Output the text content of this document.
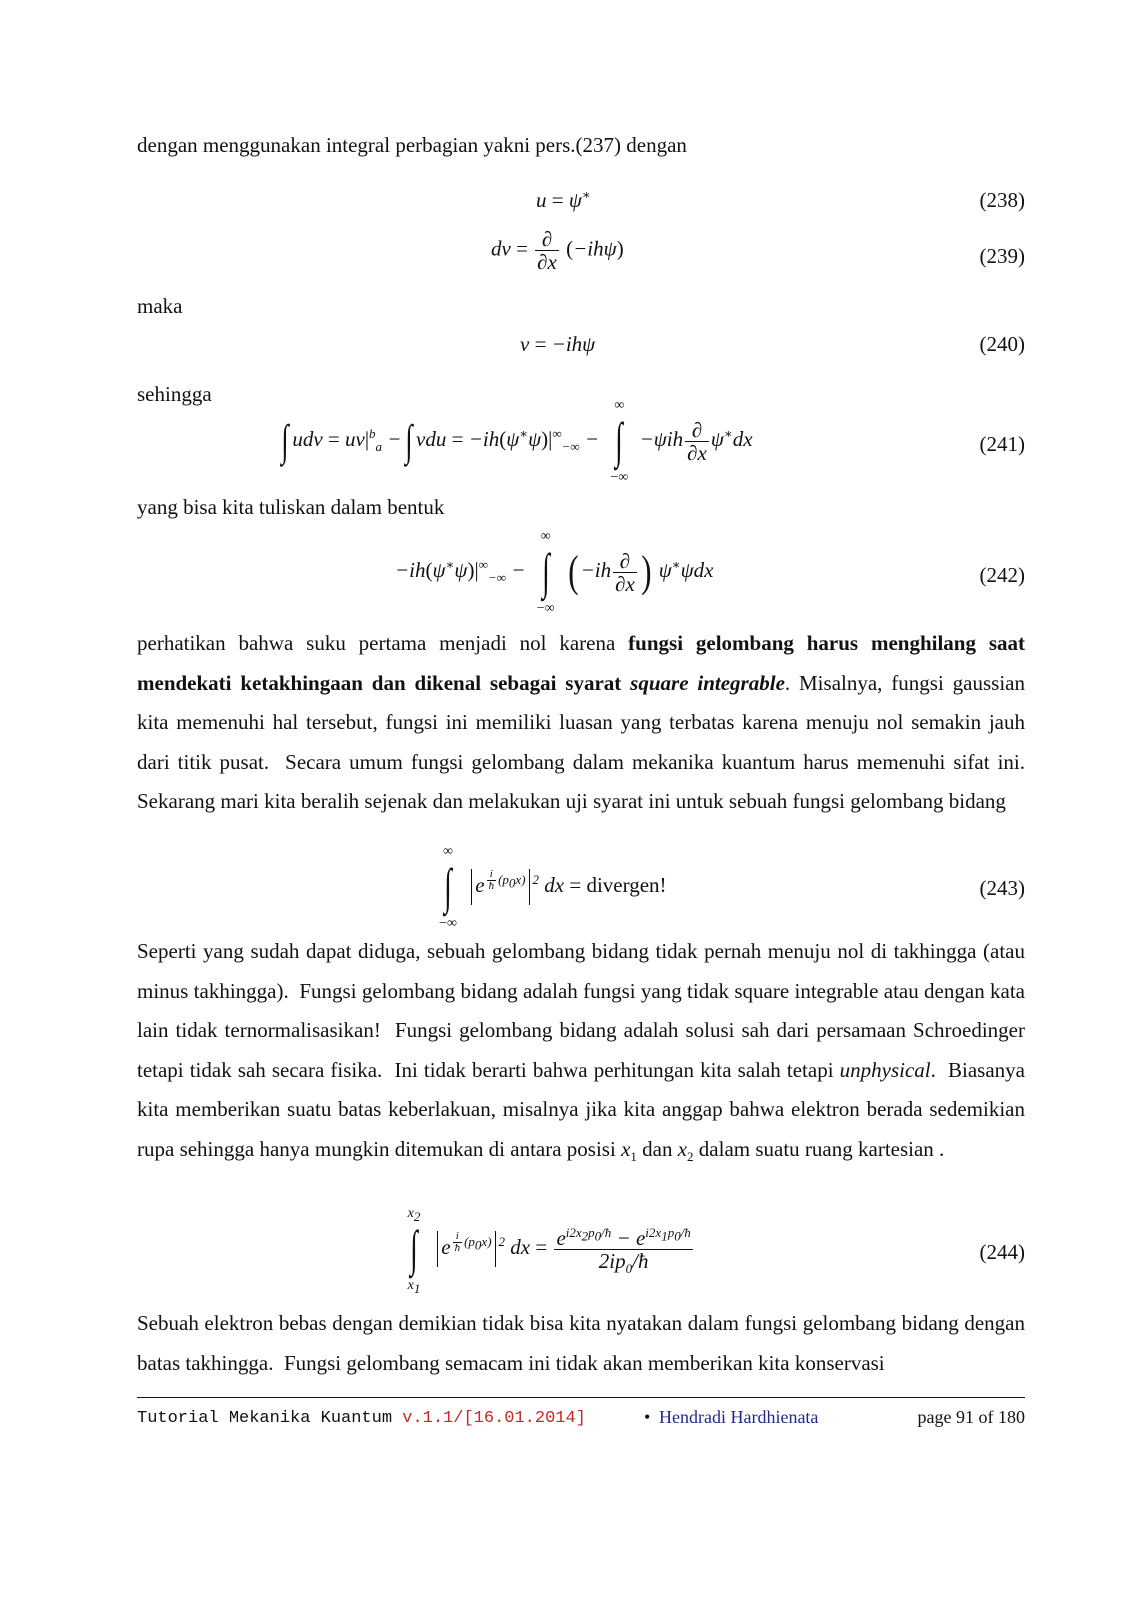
dengan menggunakan integral perbagian yakni pers.(237) dengan

u = ψ∗	(238)
dv = $\frac{\partial}{\partial x} (-ih\psi)$	(239)

maka

v = −ihψ	(240)

sehingga

∫ udv = $uv|^b_a$ − ∫ vdu = $-ih(\psi^∗\psi)|^\infty_{-\infty}$ −
∞
∫
−∞
$-\psi ih \frac{\partial}{\partial x} \psi^∗dx$	(241)

yang bisa kita tuliskan dalam bentuk

$-ih(\psi^∗\psi)|^\infty_{-\infty}$ −
∞
∫
−∞
( $-ih \frac{\partial}{\partial x}$ ) ψ∗ψdx	(242)

perhatikan bahwa suku pertama menjadi nol karena fungsi gelombang harus menghilang saat mendekati ketakhingaan dan dikenal sebagai syarat square integrable. Misalnya, fungsi gaussian kita memenuhi hal tersebut, fungsi ini memiliki luasan yang terbatas karena menuju nol semakin jauh dari titik pusat.  Secara umum fungsi gelombang dalam mekanika kuantum harus memenuhi sifat ini. Sekarang mari kita beralih sejenak dan melakukan uji syarat ini untuk sebuah fungsi gelombang bidang

∞
∫
−∞
e $^{\frac{i}{ħ} (p_0x)}$ $^2$ dx = divergen!	(243)

Seperti yang sudah dapat diduga, sebuah gelombang bidang tidak pernah menuju nol di takhingga (atau minus takhingga).  Fungsi gelombang bidang adalah fungsi yang tidak square integrable atau dengan kata lain tidak ternormalisasikan!  Fungsi gelombang bidang adalah solusi sah dari persamaan Schroedinger tetapi tidak sah secara fisika.  Ini tidak berarti bahwa perhitungan kita salah tetapi unphysical.  Biasanya kita memberikan suatu batas keberlakuan, misalnya jika kita anggap bahwa elektron berada sedemikian rupa sehingga hanya mungkin ditemukan di antara posisi $x_1$ dan $x_2$ dalam suatu ruang kartesian .

$x_2$
∫
$x_1$
e $^{\frac{i}{ħ} (p_0x)}$ $^2$ dx = $\frac{e^{i2x_2p_0/ħ} - e^{i2x_1p_0/ħ}}{2ip_0/ħ}$	(244)

Sebuah elektron bebas dengan demikian tidak bisa kita nyatakan dalam fungsi gelombang bidang dengan batas takhingga.  Fungsi gelombang semacam ini tidak akan memberikan kita konservasi

Tutorial Mekanika Kuantum v.1.1/[16.01.2014]	• Hendradi Hardhienata	page 91 of 180
